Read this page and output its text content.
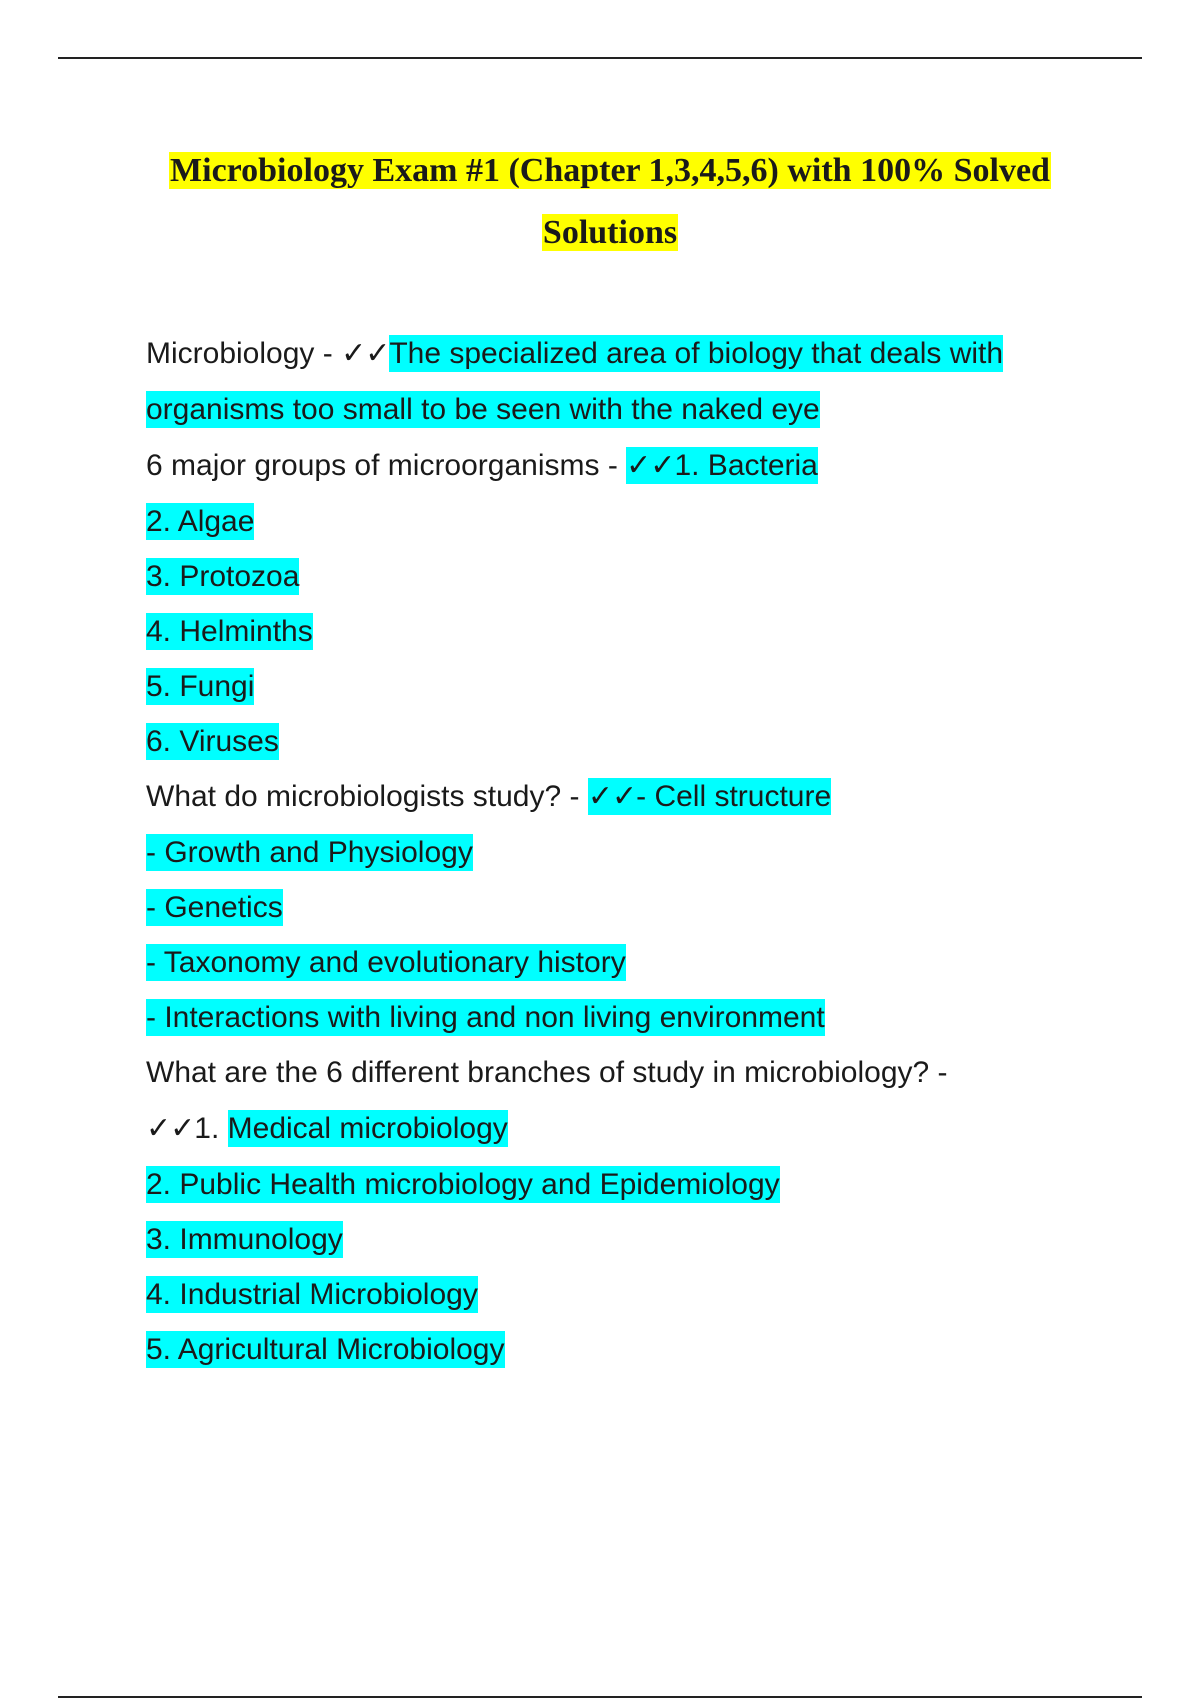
Microbiology Exam #1 (Chapter 1,3,4,5,6) with 100% Solved
Solutions
Microbiology - ✓✓The specialized area of biology that deals with
organisms too small to be seen with the naked eye
6 major groups of microorganisms - ✓✓1. Bacteria
2. Algae
3. Protozoa
4. Helminths
5. Fungi
6. Viruses
What do microbiologists study? - ✓✓- Cell structure
- Growth and Physiology
- Genetics
- Taxonomy and evolutionary history
- Interactions with living and non living environment
What are the 6 different branches of study in microbiology? -
✓✓1. Medical microbiology
2. Public Health microbiology and Epidemiology
3. Immunology
4. Industrial Microbiology
5. Agricultural Microbiology
